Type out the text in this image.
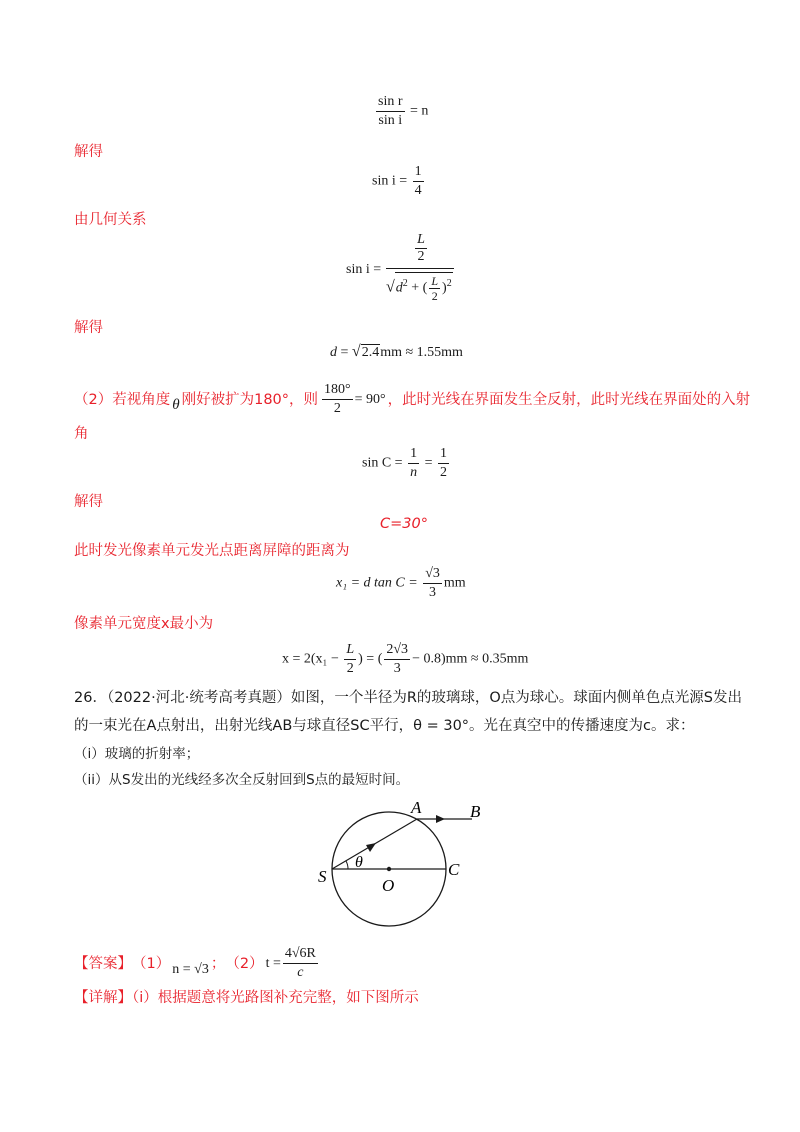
$\frac{\text{sin r}}{\text{sin i}} = n$
解得
$\sin i = \frac{1}{4}$
由几何关系
sin i =
L
2
$√d^2$ + ( $\frac{L}{2} )^2$
解得
d = √2.4mm ≈ 1.55mm
（2）若视角度 θ 刚好被扩为180°，则 $\frac{180^\circ}{2} = 90^\circ$ ，此时光线在界面发生全反射，此时光线在界面处的入射
角
$\sin C = \frac{1}{n} = \frac{1}{2}$
解得
C=30°
此时发光像素单元发光点距离屏障的距离为
x₁ = d $\tan C = \frac{√3}{3}$ mm
像素单元宽度x最小为
$x = 2(x_1 - \frac{L}{2}$ ) = ( $\frac{2√3}{3} - 0.8)mm \approx 0.35mm$
26．（2022·河北·统考高考真题）如图，一个半径为R的玻璃球，O点为球心。球面内侧单色点光源S发出
的一束光在A点射出，出射光线AB与球直径SC平行，θ = 30°。光在真空中的传播速度为c。求：
（i）玻璃的折射率；
（ii）从S发出的光线经多次全反射回到S点的最短时间。
A	B
S	O
C
θ
【答案】 （1） n = √3 ； （2） $t = \frac{4√6R}{c}$
【详解】（i）根据题意将光路图补充完整，如下图所示
